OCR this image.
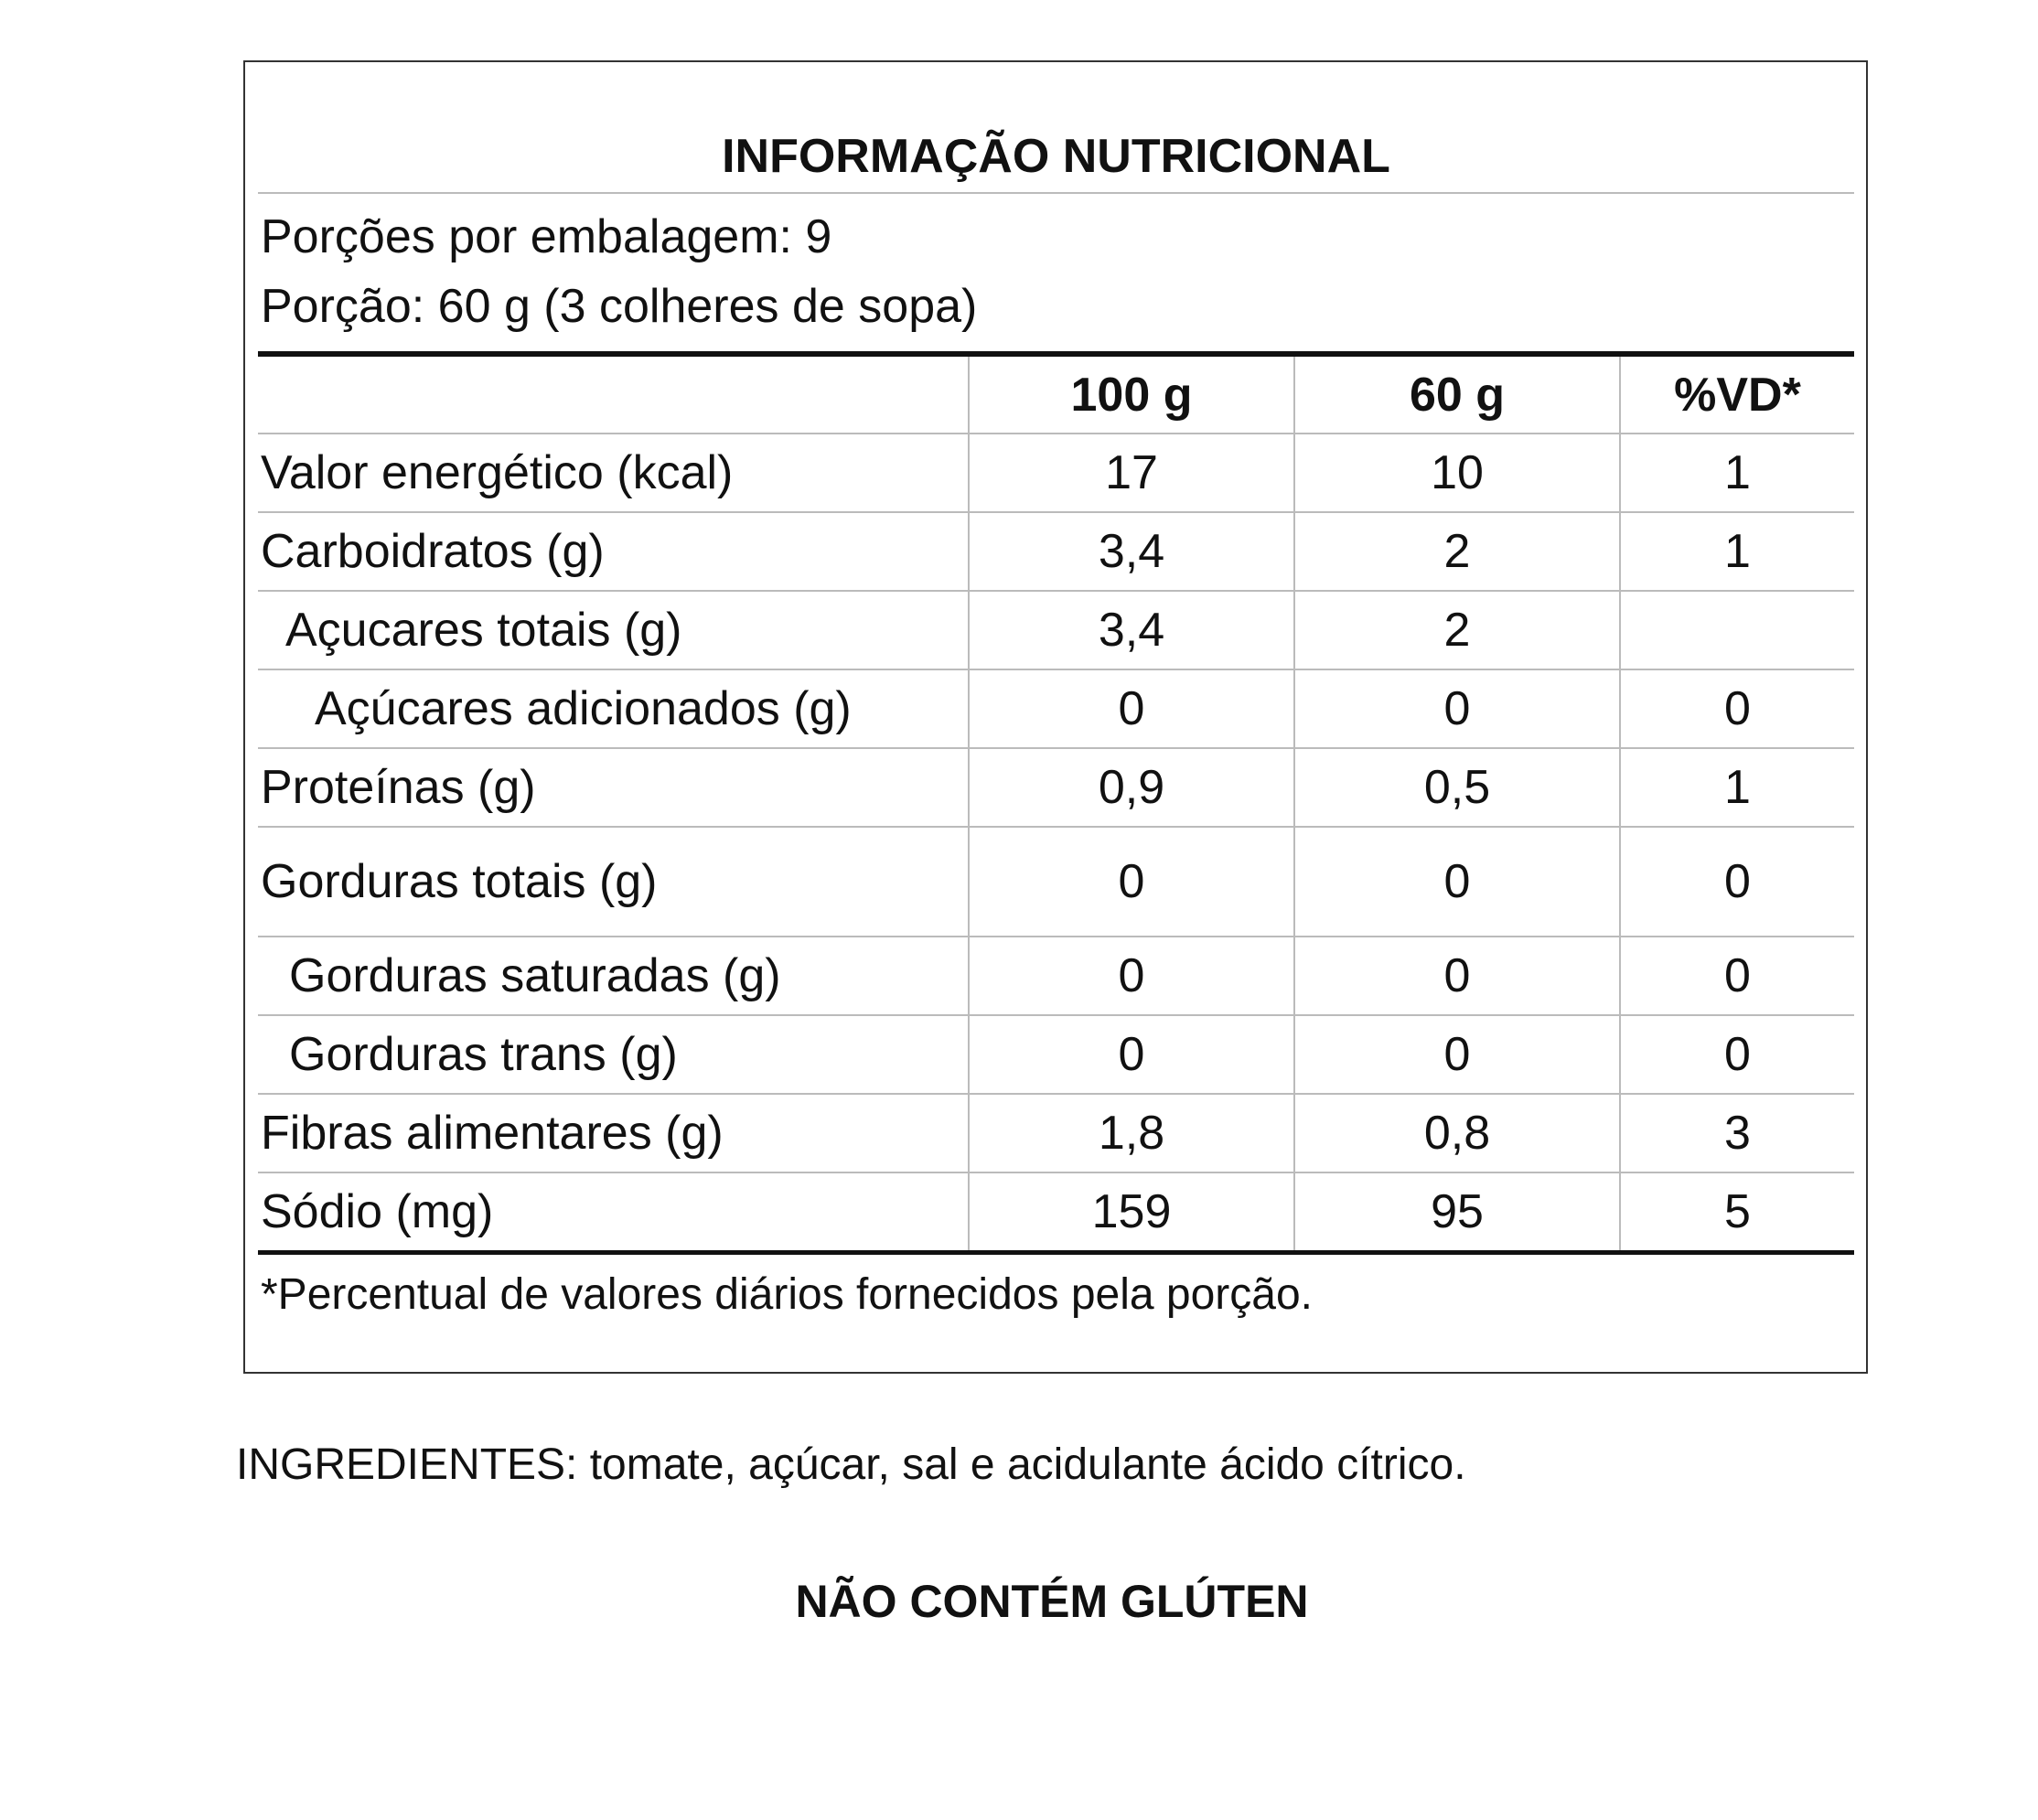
INFORMAÇÃO NUTRICIONAL
Porções por embalagem: 9
Porção: 60 g (3 colheres de sopa)
	100 g	60 g	%VD*
Valor energético (kcal)	17	10	1
Carboidratos (g)	3,4	2	1
Açucares totais (g)	3,4	2	
Açúcares adicionados (g)	0	0	0
Proteínas (g)	0,9	0,5	1
Gorduras totais (g)	0	0	0
Gorduras saturadas (g)	0	0	0
Gorduras trans (g)	0	0	0
Fibras alimentares (g)	1,8	0,8	3
Sódio (mg)	159	95	5
*Percentual de valores diários fornecidos pela porção.
INGREDIENTES: tomate, açúcar, sal e acidulante ácido cítrico.
NÃO CONTÉM GLÚTEN
